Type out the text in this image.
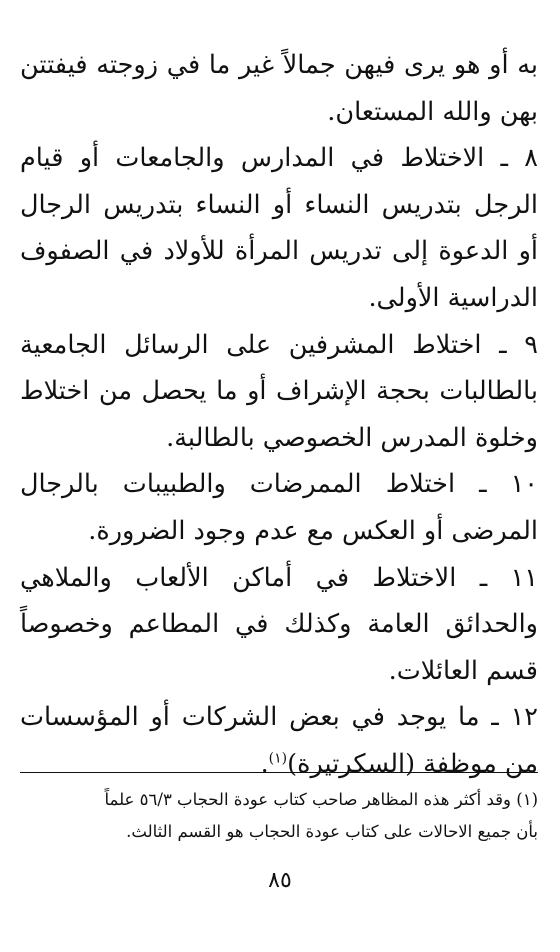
به أو هو يرى فيهن جمالاً غير ما في زوجته فيفتتن بهن والله المستعان.

٨ ـ الاختلاط في المدارس والجامعات أو قيام الرجل بتدريس النساء أو النساء بتدريس الرجال أو الدعوة إلى تدريس المرأة للأولاد في الصفوف الدراسية الأولى.

٩ ـ اختلاط المشرفين على الرسائل الجامعية بالطالبات بحجة الإشراف أو ما يحصل من اختلاط وخلوة المدرس الخصوصي بالطالبة.

١٠ ـ اختلاط الممرضات والطبيبات بالرجال المرضى أو العكس مع عدم وجود الضرورة.

١١ ـ الاختلاط في أماكن الألعاب والملاهي والحدائق العامة وكذلك في المطاعم وخصوصاً قسم العائلات.

١٢ ـ ما يوجد في بعض الشركات أو المؤسسات من موظفة (السكرتيرة)$^{(١)}$.

(١) وقد أكثر هذه المظاهر صاحب كتاب عودة الحجاب ٥٦/٣ علماً

بأن جميع الاحالات على كتاب عودة الحجاب هو القسم الثالث.

٨٥
